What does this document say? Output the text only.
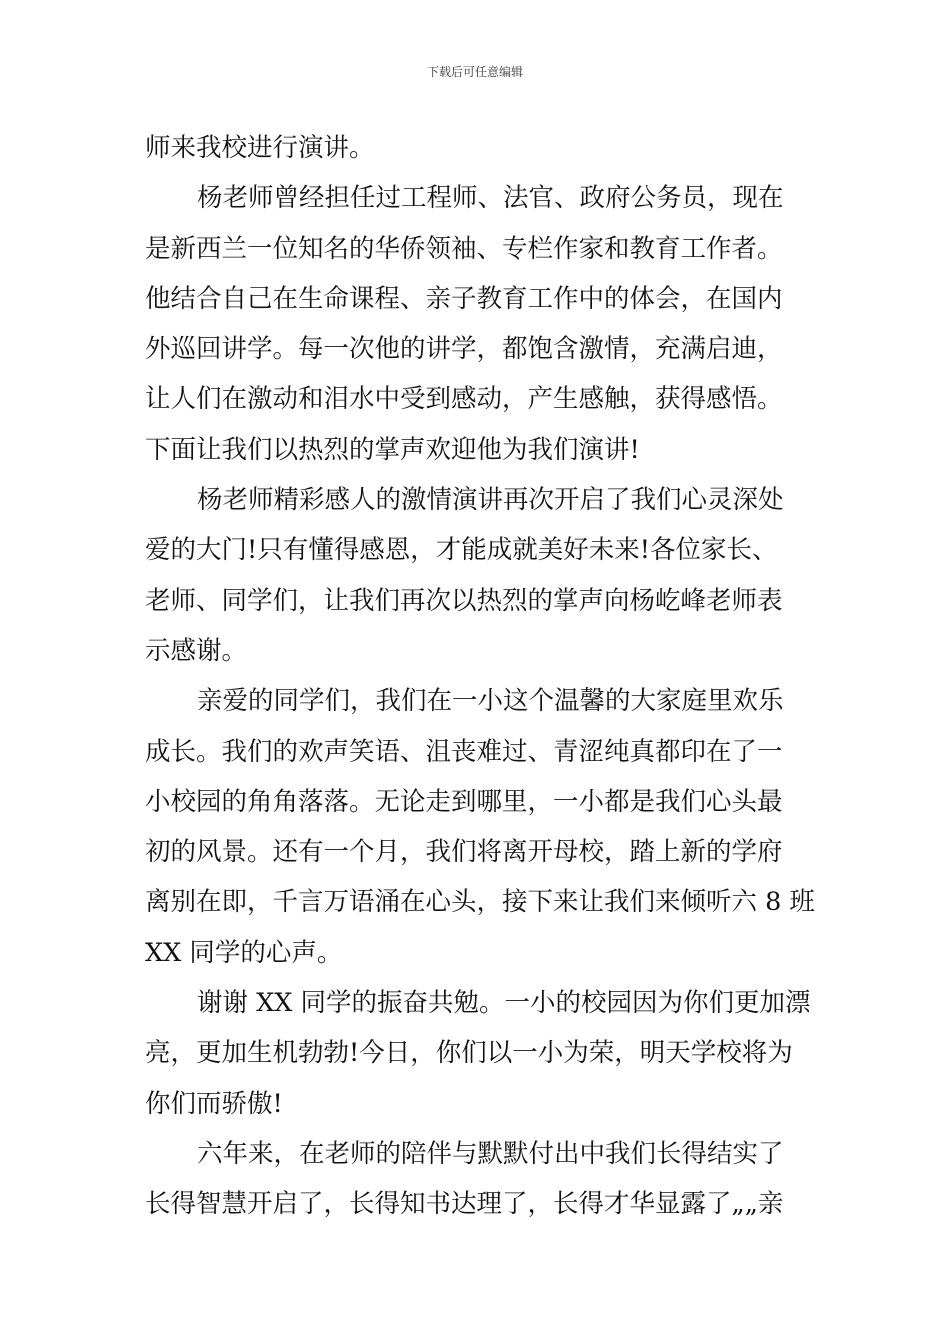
下载后可任意编辑
师来我校进行演讲。
杨老师曾经担任过工程师、法官、政府公务员，现在
是新西兰一位知名的华侨领袖、专栏作家和教育工作者。
他结合自己在生命课程、亲子教育工作中的体会，在国内
外巡回讲学。每一次他的讲学，都饱含激情，充满启迪，
让人们在激动和泪水中受到感动，产生感触，获得感悟。
下面让我们以热烈的掌声欢迎他为我们演讲!
杨老师精彩感人的激情演讲再次开启了我们心灵深处
爱的大门!只有懂得感恩，才能成就美好未来!各位家长、
老师、同学们，让我们再次以热烈的掌声向杨屹峰老师表
示感谢。
亲爱的同学们，我们在一小这个温馨的大家庭里欢乐
成长。我们的欢声笑语、沮丧难过、青涩纯真都印在了一
小校园的角角落落。无论走到哪里，一小都是我们心头最
初的风景。还有一个月，我们将离开母校，踏上新的学府
离别在即，千言万语涌在心头，接下来让我们来倾听六 8 班
XX 同学的心声。
谢谢 XX 同学的振奋共勉。一小的校园因为你们更加漂
亮，更加生机勃勃!今日，你们以一小为荣，明天学校将为
你们而骄傲!
六年来，在老师的陪伴与默默付出中我们长得结实了
长得智慧开启了，长得知书达理了，长得才华显露了„„亲
